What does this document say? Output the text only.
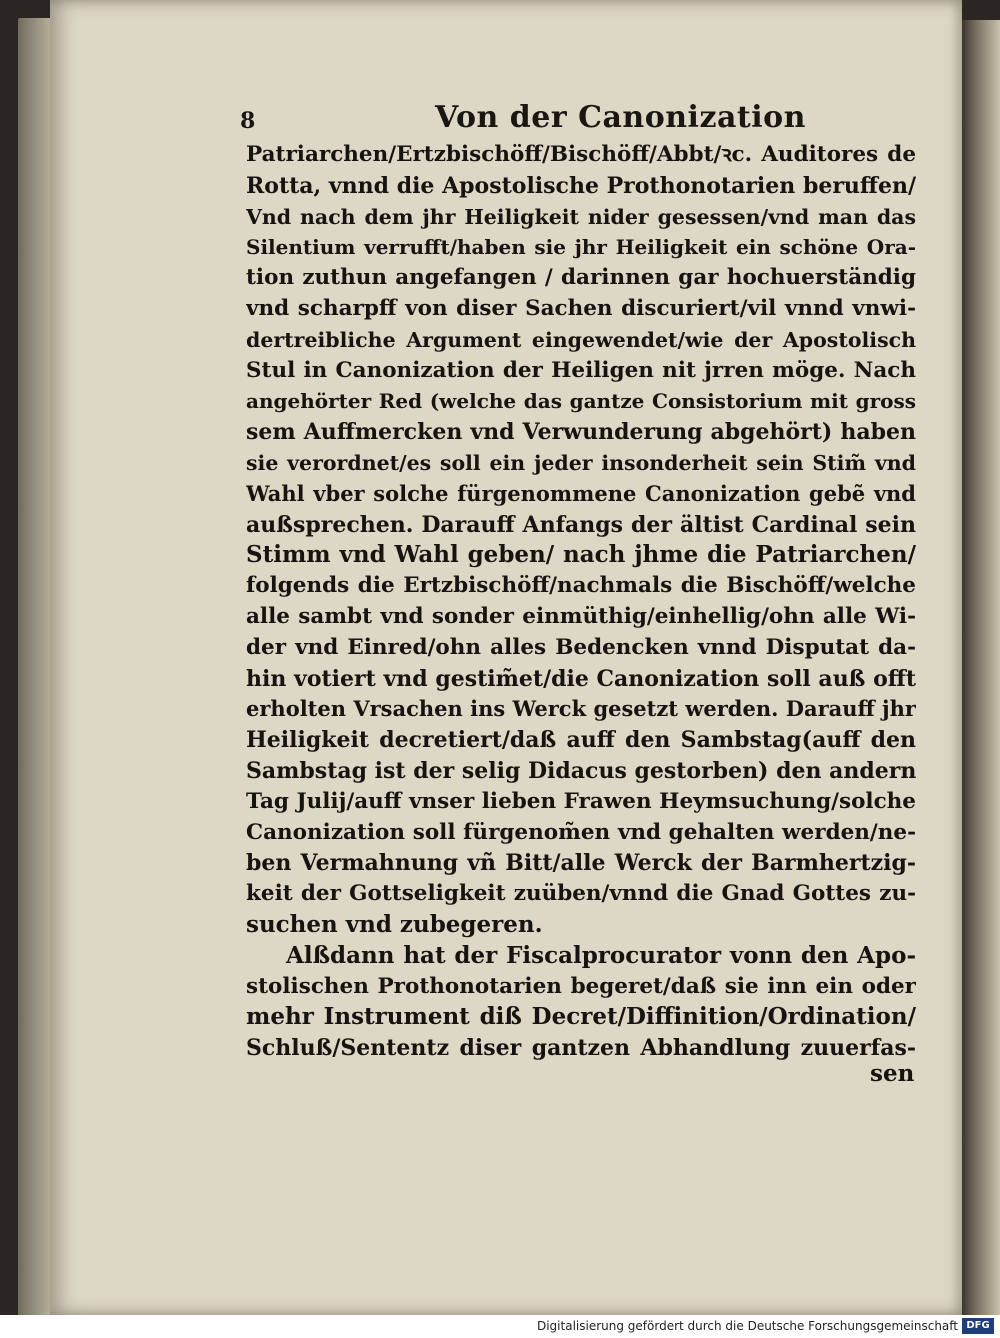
8	Von der Canonization
Patriarchen/Ertzbischöff/Bischöff/Abbt/ꝛc. Auditores de
Rotta, vnnd die Apostolische Prothonotarien beruffen/
Vnd nach dem jhr Heiligkeit nider gesessen/vnd man das
Silentium verrufft/haben sie jhr Heiligkeit ein schöne Ora-
tion zuthun angefangen / darinnen gar hochuerständig
vnd scharpff von diser Sachen discuriert/vil vnnd vnwi-
dertreibliche Argument eingewendet/wie der Apostolisch
Stul in Canonization der Heiligen nit jrren möge. Nach
angehörter Red (welche das gantze Consistorium mit gross
sem Auffmercken vnd Verwunderung abgehört) haben
sie verordnet/es soll ein jeder insonderheit sein Stim̃ vnd
Wahl vber solche fürgenommene Canonization gebẽ vnd
außsprechen. Darauff Anfangs der ältist Cardinal sein
Stimm vnd Wahl geben/ nach jhme die Patriarchen/
folgends die Ertzbischöff/nachmals die Bischöff/welche
alle sambt vnd sonder einmüthig/einhellig/ohn alle Wi-
der vnd Einred/ohn alles Bedencken vnnd Disputat da-
hin votiert vnd gestim̃et/die Canonization soll auß offt
erholten Vrsachen ins Werck gesetzt werden. Darauff jhr
Heiligkeit decretiert/daß auff den Sambstag(auff den
Sambstag ist der selig Didacus gestorben) den andern
Tag Julij/auff vnser lieben Frawen Heymsuchung/solche
Canonization soll fürgenom̃en vnd gehalten werden/ne-
ben Vermahnung vñ Bitt/alle Werck der Barmhertzig-
keit der Gottseligkeit zuüben/vnnd die Gnad Gottes zu-
suchen vnd zubegeren.
Alßdann hat der Fiscalprocurator vonn den Apo-
stolischen Prothonotarien begeret/daß sie inn ein oder
mehr Instrument diß Decret/Diffinition/Ordination/
Schluß/Sententz diser gantzen Abhandlung zuuerfas-
sen
Digitalisierung gefördert durch die Deutsche Forschungsgemeinschaft DFG
